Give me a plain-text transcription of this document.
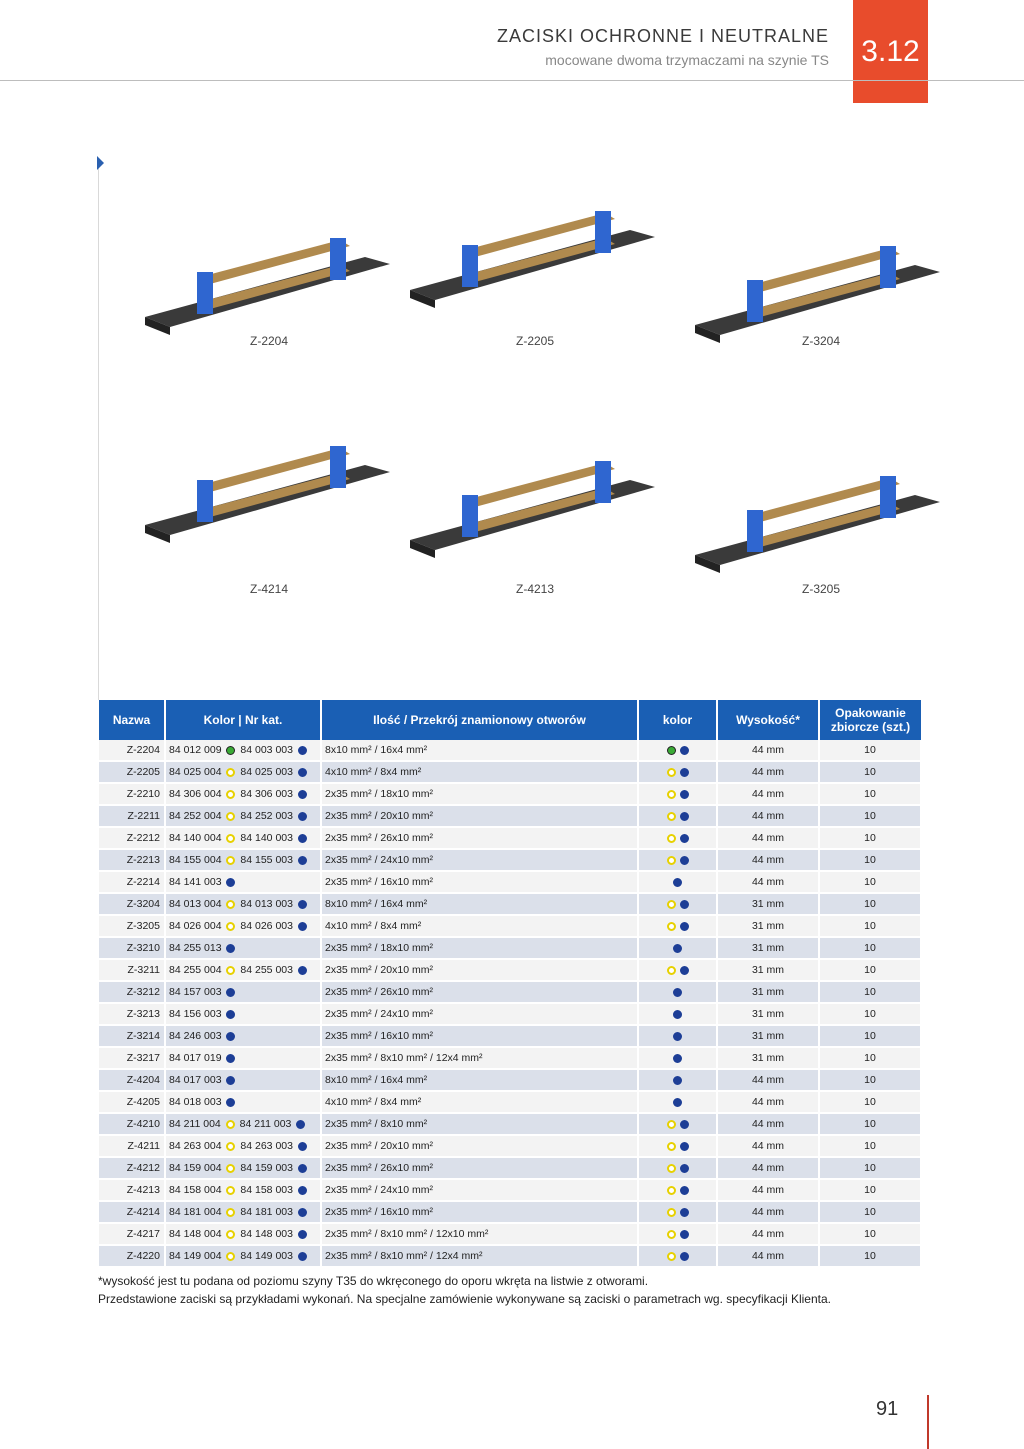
ZACISKI OCHRONNE I NEUTRALNE
mocowane dwoma trzymaczami na szynie TS 3.12
Z-2204	Z-2205	Z-3204
Z-4214	Z-4213	Z-3205
Nazwa	Kolor | Nr kat.	Ilość / Przekrój znamionowy otworów	kolor	Wysokość*	Opakowanie zbiorcze (szt.)
Z-2204	84 012 009 84 003 003	8x10 mm² / 16x4 mm²		44 mm	10
Z-2205	84 025 004 84 025 003	4x10 mm² / 8x4 mm²		44 mm	10
Z-2210	84 306 004 84 306 003	2x35 mm² / 18x10 mm²		44 mm	10
Z-2211	84 252 004 84 252 003	2x35 mm² / 20x10 mm²		44 mm	10
Z-2212	84 140 004 84 140 003	2x35 mm² / 26x10 mm²		44 mm	10
Z-2213	84 155 004 84 155 003	2x35 mm² / 24x10 mm²		44 mm	10
Z-2214	84 141 003	2x35 mm² / 16x10 mm²		44 mm	10
Z-3204	84 013 004 84 013 003	8x10 mm² / 16x4 mm²		31 mm	10
Z-3205	84 026 004 84 026 003	4x10 mm² / 8x4 mm²		31 mm	10
Z-3210	84 255 013	2x35 mm² / 18x10 mm²		31 mm	10
Z-3211	84 255 004 84 255 003	2x35 mm² / 20x10 mm²		31 mm	10
Z-3212	84 157 003	2x35 mm² / 26x10 mm²		31 mm	10
Z-3213	84 156 003	2x35 mm² / 24x10 mm²		31 mm	10
Z-3214	84 246 003	2x35 mm² / 16x10 mm²		31 mm	10
Z-3217	84 017 019	2x35 mm² / 8x10 mm² / 12x4 mm²		31 mm	10
Z-4204	84 017 003	8x10 mm² / 16x4 mm²		44 mm	10
Z-4205	84 018 003	4x10 mm² / 8x4 mm²		44 mm	10
Z-4210	84 211 004 84 211 003	2x35 mm² / 8x10 mm²		44 mm	10
Z-4211	84 263 004 84 263 003	2x35 mm² / 20x10 mm²		44 mm	10
Z-4212	84 159 004 84 159 003	2x35 mm² / 26x10 mm²		44 mm	10
Z-4213	84 158 004 84 158 003	2x35 mm² / 24x10 mm²		44 mm	10
Z-4214	84 181 004 84 181 003	2x35 mm² / 16x10 mm²		44 mm	10
Z-4217	84 148 004 84 148 003	2x35 mm² / 8x10 mm² / 12x10 mm²		44 mm	10
Z-4220	84 149 004 84 149 003	2x35 mm² / 8x10 mm² / 12x4 mm²		44 mm	10
*wysokość jest tu podana od poziomu szyny T35 do wkręconego do oporu wkręta na listwie z otworami.
Przedstawione zaciski są przykładami wykonań. Na specjalne zamówienie wykonywane są zaciski o parametrach wg. specyfikacji Klienta.
91
